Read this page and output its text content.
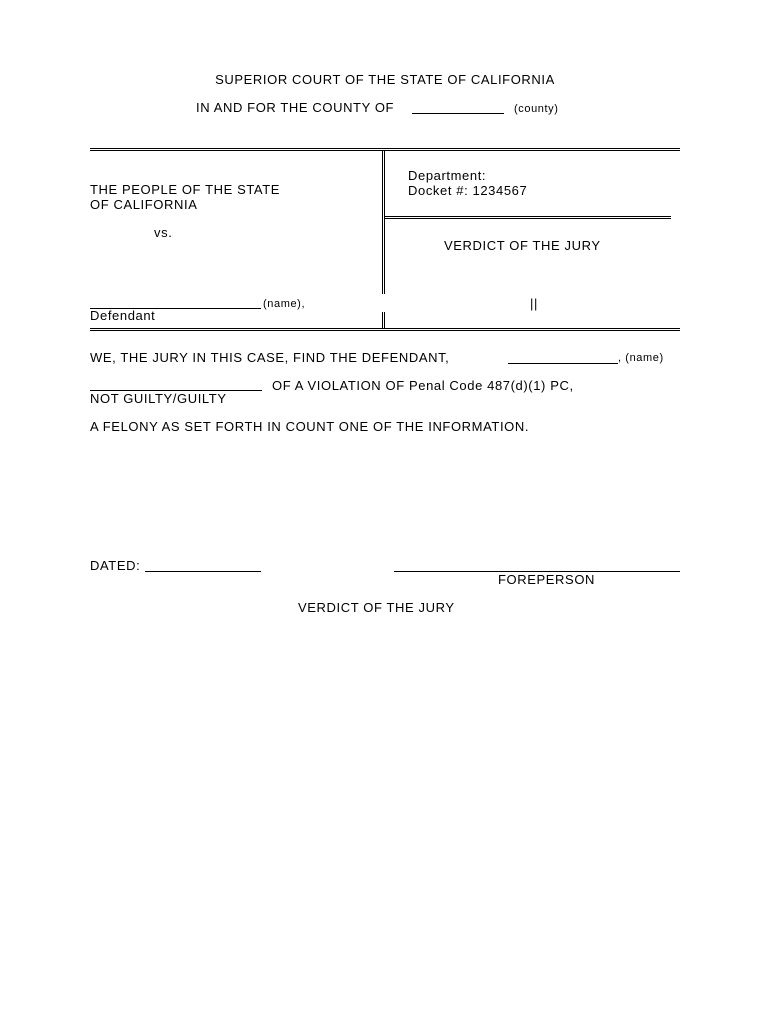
SUPERIOR COURT OF THE STATE OF CALIFORNIA
IN AND FOR THE COUNTY OF	(county)
THE PEOPLE OF THE STATE
OF CALIFORNIA
vs.
(name),
Defendant
Department:
Docket #: 1234567
VERDICT OF THE JURY
||
WE, THE JURY IN THIS CASE, FIND THE DEFENDANT,	, (name)
OF A VIOLATION OF Penal Code 487(d)(1) PC,
NOT GUILTY/GUILTY
A FELONY AS SET FORTH IN COUNT ONE OF THE INFORMATION.
DATED:
FOREPERSON
VERDICT OF THE JURY
